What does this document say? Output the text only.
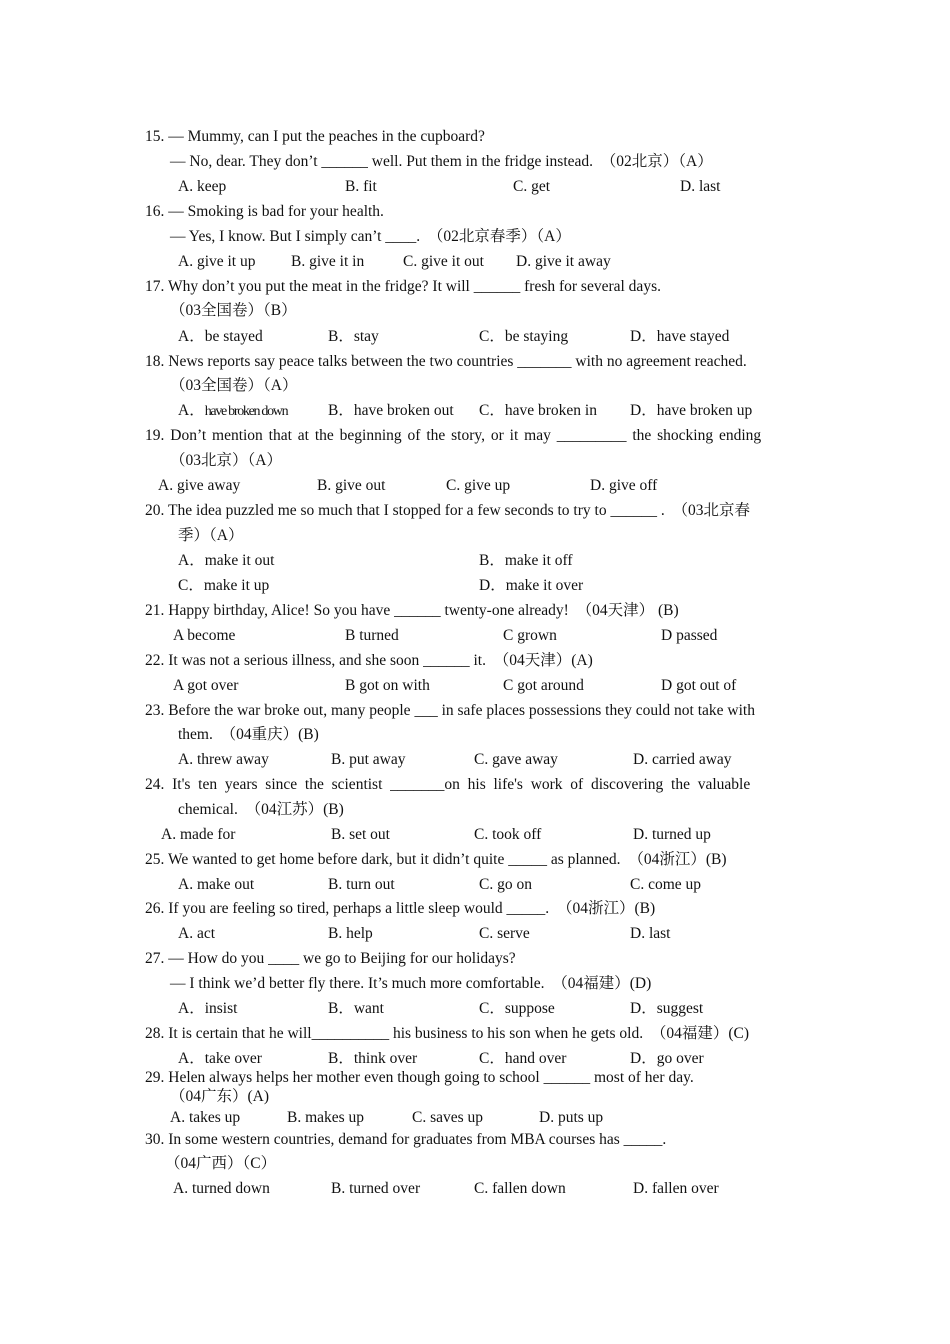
15. — Mummy, can I put the peaches in the cupboard?
— No, dear. They don’t ______ well. Put them in the fridge instead. （02北京）（A）
A. keep	B. fit	C. get	D. last
16. — Smoking is bad for your health.
— Yes, I know. But I simply can’t ____. （02北京春季）（A）
A. give it up B. give it in	C. give it out D. give it away
17. Why don’t you put the meat in the fridge? It will ______ fresh for several days.
（03全国卷）（B）
A．be stayed	B．stay	C．be staying	D．have stayed
18. News reports say peace talks between the two countries _______ with no agreement reached.
（03全国卷）（A）
A．have broken down	B．have broken out C．have broken in D．have broken up
19. Don’t mention that at the beginning of the story, or it may _________ the shocking ending
（03北京）（A）
A. give away	B. give out	C. give up	D. give off
20. The idea puzzled me so much that I stopped for a few seconds to try to ______ . （03北京春
季）（A）
A．make it out	B．make it off
C．make it up	D．make it over
21. Happy birthday, Alice! So you have ______ twenty-one already! （04天津） (B)
A become	B turned	C grown	D passed
22. It was not a serious illness, and she soon ______ it. （04天津）(A)
A got over	B got on with	C got around	D got out of
23. Before the war broke out, many people ___ in safe places possessions they could not take with
them. （04重庆）(B)
A. threw away	B. put away	C. gave away	D. carried away
24.  It's  ten  years  since  the  scientist  _______on  his  life's  work  of  discovering  the  valuable
chemical. （04江苏）(B)
A. made for	B. set out	C. took off	D. turned up
25. We wanted to get home before dark, but it didn’t quite _____ as planned. （04浙江）(B)
A. make out	B. turn out	C. go on	C. come up
26. If you are feeling so tired, perhaps a little sleep would _____. （04浙江）(B)
A. act	B. help	C. serve	D. last
27. — How do you ____ we go to Beijing for our holidays?
— I think we’d better fly there. It’s much more comfortable. （04福建）(D)
A．insist	B．want	C．suppose	D．suggest
28. It is certain that he will__________ his business to his son when he gets old. （04福建）(C)
A．take over	B．think over	C．hand over	D．go over
29. Helen always helps her mother even though going to school ______ most of her day.
（04广东）(A)
A. takes up	B. makes up	C. saves up	D. puts up
30. In some western countries, demand for graduates from MBA courses has _____.
（04广西）（C）
A. turned down	B. turned over	C. fallen down	D. fallen over
